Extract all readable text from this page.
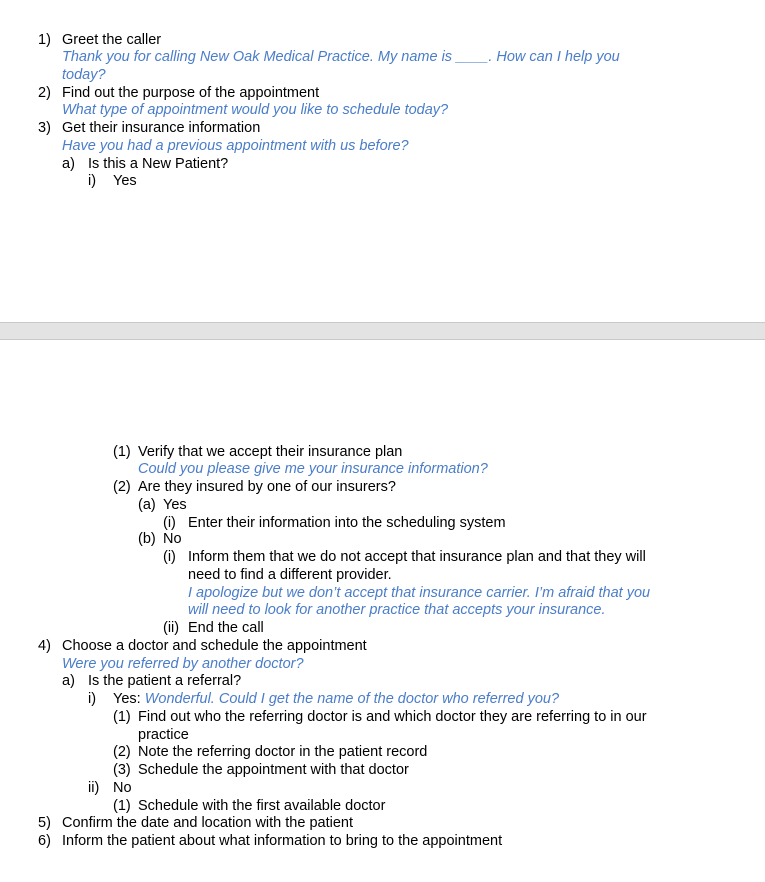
1) Greet the caller
Thank you for calling New Oak Medical Practice. My name is ____. How can I help you
today?
2) Find out the purpose of the appointment
What type of appointment would you like to schedule today?
3) Get their insurance information
Have you had a previous appointment with us before?
a) Is this a New Patient?
i) Yes
(1) Verify that we accept their insurance plan
Could you please give me your insurance information?
(2) Are they insured by one of our insurers?
(a) Yes
(i) Enter their information into the scheduling system
(b) No
(i) Inform them that we do not accept that insurance plan and that they will
need to find a different provider.
I apologize but we don’t accept that insurance carrier. I’m afraid that you
will need to look for another practice that accepts your insurance.
(ii) End the call
4) Choose a doctor and schedule the appointment
Were you referred by another doctor?
a) Is the patient a referral?
i) Yes: Wonderful. Could I get the name of the doctor who referred you?
(1) Find out who the referring doctor is and which doctor they are referring to in our
practice
(2) Note the referring doctor in the patient record
(3) Schedule the appointment with that doctor
ii) No
(1) Schedule with the first available doctor
5) Confirm the date and location with the patient
6) Inform the patient about what information to bring to the appointment
